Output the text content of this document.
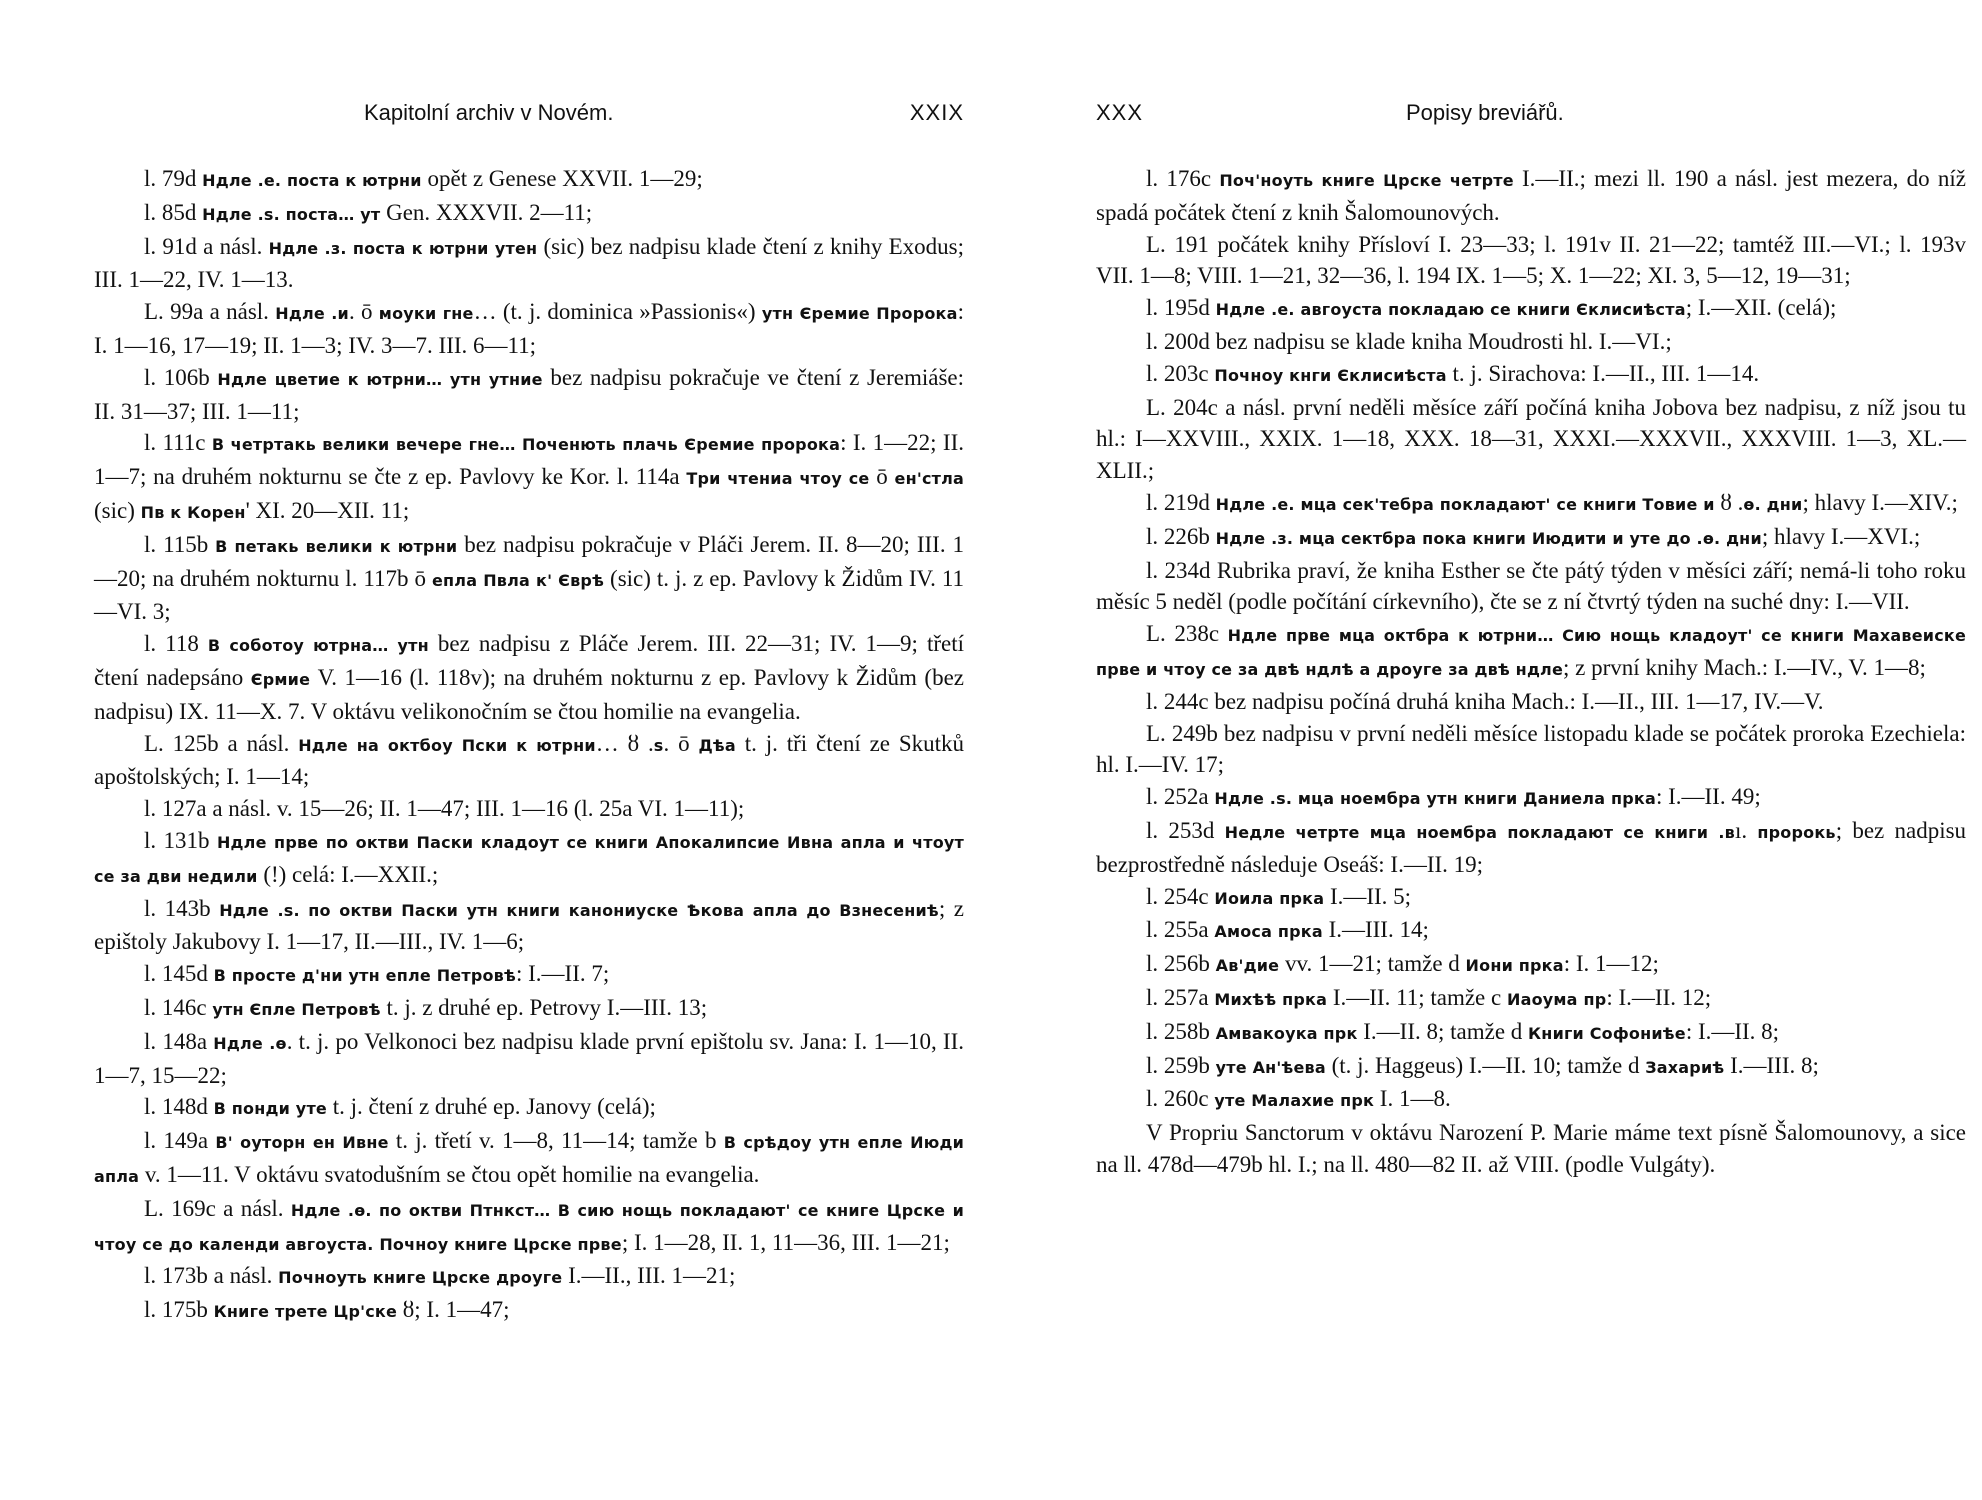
Kapitolní archiv v Novém.	XXIX

l. 79d Ндле .е. поста к ютрни opět z Genese XXVII. 1—29;

l. 85d Ндле .ѕ. поста… ут Gen. XXXVII. 2—11;

l. 91d a násl. Ндле .з. поста к ютрни утен (sic) bez nadpisu klade čtení z knihy Exodus; III. 1—22, IV. 1—13.

L. 99a a násl. Ндле .и. ō моуки гне… (t. j. dominica »Passionis«) утн Єремие Пророка: I. 1—16, 17—19; II. 1—3; IV. 3—7. III. 6—11;

l. 106b Ндле цветие к ютрни… утн утние bez nadpisu pokračuje ve čtení z Jeremiáše: II. 31—37; III. 1—11;

l. 111c В четртакь велики вечере гне… Поченють плачь Єремие пророка: I. 1—22; II. 1—7; na druhém nokturnu se čte z ep. Pavlovy ke Kor. l. 114a Три чтениа чтоу се ō ен'стла (sic) Пв к Корен' XI. 20—XII. 11;

l. 115b В петакь велики к ютрни bez nadpisu pokračuje v Pláči Jerem. II. 8—20; III. 1—20; na druhém nokturnu l. 117b ō епла Пвла к' Єврѣ (sic) t. j. z ep. Pavlovy k Židům IV. 11—VI. 3;

l. 118 В соботоу ютрна… утн bez nadpisu z Pláče Jerem. III. 22—31; IV. 1—9; třetí čtení nadepsáno Єрмие V. 1—16 (l. 118v); na druhém nokturnu z ep. Pavlovy k Židům (bez nadpisu) IX. 11—X. 7. V oktávu velikonočním se čtou homilie na evangelia.

L. 125b a násl. Ндле на октбоу Пски к ютрни… ȣ .ѕ. ō Дѣа t. j. tři čtení ze Skutků apoštolských; I. 1—14;

l. 127a a násl. v. 15—26; II. 1—47; III. 1—16 (l. 25a VI. 1—11);

l. 131b Ндле прве по октви Паски кладоут се книги Апокалипсие Ивна апла и чтоут се за дви недили (!) celá: I.—XXII.;

l. 143b Ндле .ѕ. по октви Паски утн книги канониуске Ѣкова апла до Взнесениѣ; z epištoly Jakubovy I. 1—17, II.—III., IV. 1—6;

l. 145d В просте д'ни утн епле Петровѣ: I.—II. 7;

l. 146c утн Єпле Петровѣ t. j. z druhé ep. Petrovy I.—III. 13;

l. 148a Ндле .ѳ. t. j. po Velkonoci bez nadpisu klade první epištolu sv. Jana: I. 1—10, II. 1—7, 15—22;

l. 148d В понди уте t. j. čtení z druhé ep. Janovy (celá);

l. 149a В' оуторн ен Ивне t. j. třetí v. 1—8, 11—14; tamže b В срѣдоу утн епле Июди апла v. 1—11. V oktávu svatodušním se čtou opět homilie na evangelia.

L. 169c a násl. Ндле .ѳ. по октви Птнкст… В сию нощь покладают' се книге Црске и чтоу се до календи авгоуста. Почноу книге Црске прве; I. 1—28, II. 1, 11—36, III. 1—21;

l. 173b a násl. Почноуть книге Црске дроуге I.—II., III. 1—21;

l. 175b Книге трете Цр'ске ȣ; I. 1—47;

XXX	Popisy breviářů.

l. 176c Поч'ноуть книге Црске четрте I.—II.; mezi ll. 190 a násl. jest mezera, do níž spadá počátek čtení z knih Šalomounových.

L. 191 počátek knihy Přísloví I. 23—33; l. 191v II. 21—22; tamtéž III.—VI.; l. 193v VII. 1—8; VIII. 1—21, 32—36, l. 194 IX. 1—5; X. 1—22; XI. 3, 5—12, 19—31;

l. 195d Ндле .е. авгоуста покладаю се книги Єклисиѣста; I.—XII. (celá);

l. 200d bez nadpisu se klade kniha Moudrosti hl. I.—VI.;

l. 203c Почноу кнги Єклисиѣста t. j. Sirachova: I.—II., III. 1—14.

L. 204c a násl. první neděli měsíce září počíná kniha Jobova bez nadpisu, z níž jsou tu hl.: I—XXVIII., XXIX. 1—18, XXX. 18—31, XXXI.—XXXVII., XXXVIII. 1—3, XL.—XLII.;

l. 219d Ндле .е. мца сек'тебра покладают' се книги Товие и ȣ .ѳ. дни; hlavy I.—XIV.;

l. 226b Ндле .з. мца сектбра пока книги Июдити и уте до .ѳ. дни; hlavy I.—XVI.;

l. 234d Rubrika praví, že kniha Esther se čte pátý týden v měsíci září; nemá-li toho roku měsíc 5 neděl (podle počítání církevního), čte se z ní čtvrtý týden na suché dny: I.—VII.

L. 238c Ндле прве мца октбра к ютрни… Сию нощь кладоут' се книги Махавеиске прве и чтоу се за двѣ ндлѣ а дроуге за двѣ ндле; z první knihy Mach.: I.—IV., V. 1—8;

l. 244c bez nadpisu počíná druhá kniha Mach.: I.—II., III. 1—17, IV.—V.

L. 249b bez nadpisu v první neděli měsíce listopadu klade se počátek proroka Ezechiela: hl. I.—IV. 17;

l. 252a Ндле .ѕ. мца ноембра утн книги Даниела прка: I.—II. 49;

l. 253d Недле четрте мца ноембра покладают се книги .вı. пророкь; bez nadpisu bezprostředně následuje Oseáš: I.—II. 19;

l. 254c Иоила прка I.—II. 5;

l. 255a Амоса прка I.—III. 14;

l. 256b Ав'дие vv. 1—21; tamže d Иони прка: I. 1—12;

l. 257a Михѣѣ прка I.—II. 11; tamže c Иаоума пр: I.—II. 12;

l. 258b Амвакоука прк I.—II. 8; tamže d Книги Софониѣе: I.—II. 8;

l. 259b уте Ан'ѣева (t. j. Haggeus) I.—II. 10; tamže d Захариѣ I.—III. 8;

l. 260c уте Малахие прк I. 1—8.

V Propriu Sanctorum v oktávu Narození P. Marie máme text písně Šalomounovy, a sice na ll. 478d—479b hl. I.; na ll. 480—82 II. až VIII. (podle Vulgáty).
